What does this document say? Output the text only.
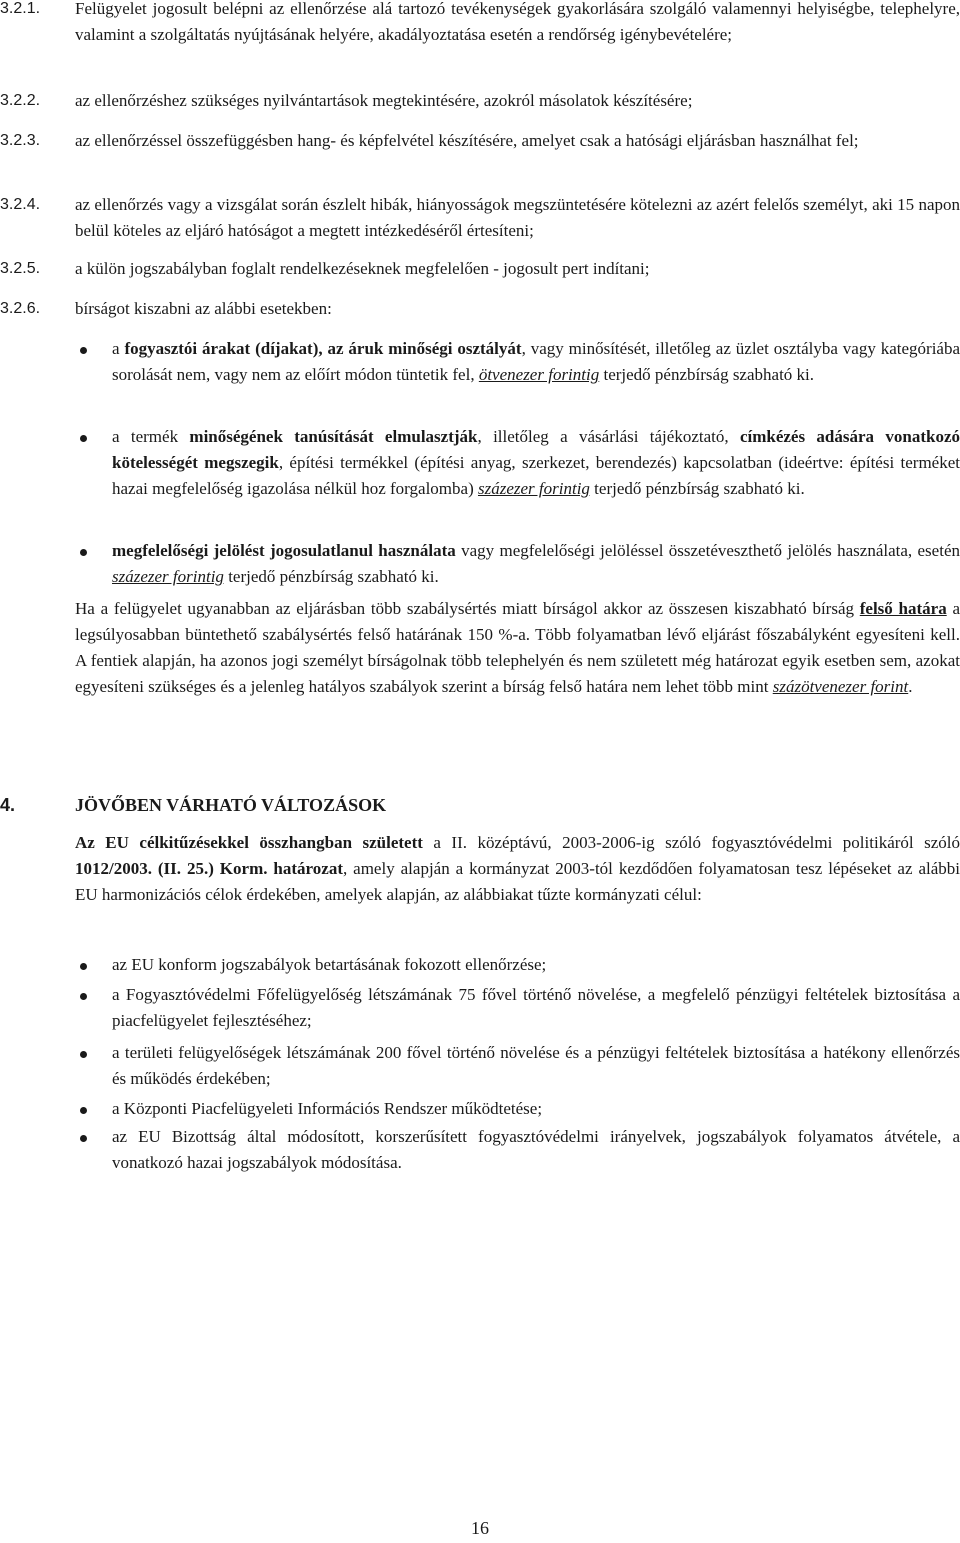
3.2.1.	Felügyelet jogosult belépni az ellenőrzése alá tartozó tevékenységek gyakorlására szolgáló valamennyi helyiségbe, telephelyre, valamint a szolgáltatás nyújtásának helyére, akadályoztatása esetén a rendőrség igénybevételére;
3.2.2.	az ellenőrzéshez szükséges nyilvántartások megtekintésére, azokról másolatok készítésére;
3.2.3.	az ellenőrzéssel összefüggésben hang- és képfelvétel készítésére, amelyet csak a hatósági eljárásban használhat fel;
3.2.4.	az ellenőrzés vagy a vizsgálat során észlelt hibák, hiányosságok megszüntetésére kötelezni az azért felelős személyt, aki 15 napon belül köteles az eljáró hatóságot a megtett intézkedéséről értesíteni;
3.2.5.	a külön jogszabályban foglalt rendelkezéseknek megfelelően - jogosult pert indítani;
3.2.6.	bírságot kiszabni az alábbi esetekben:
a fogyasztói árakat (díjakat), az áruk minőségi osztályát, vagy minősítését, illetőleg az üzlet osztályba vagy kategóriába sorolását nem, vagy nem az előírt módon tüntetik fel, ötvenezer forintig terjedő pénzbírság szabható ki.
a termék minőségének tanúsítását elmulasztják, illetőleg a vásárlási tájékoztató, címkézés adására vonatkozó kötelességét megszegik, építési termékkel (építési anyag, szerkezet, berendezés) kapcsolatban (ideértve: építési terméket hazai megfelelőség igazolása nélkül hoz forgalomba) százezer forintig terjedő pénzbírság szabható ki.
megfelelőségi jelölést jogosulatlanul használata vagy megfelelőségi jelöléssel összetéveszthető jelölés használata, esetén százezer forintig terjedő pénzbírság szabható ki.
Ha a felügyelet ugyanabban az eljárásban több szabálysértés miatt bírságol akkor az összesen kiszabható bírság felső határa a legsúlyosabban büntethető szabálysértés felső határának 150 %-a. Több folyamatban lévő eljárást főszabályként egyesíteni kell. A fentiek alapján, ha azonos jogi személyt bírságolnak több telephelyén és nem született még határozat egyik esetben sem, azokat egyesíteni szükséges és a jelenleg hatályos szabályok szerint a bírság felső határa nem lehet több mint százötvenezer forint.
4.	JÖVŐBEN VÁRHATÓ VÁLTOZÁSOK
Az EU célkitűzésekkel összhangban született a II. középtávú, 2003-2006-ig szóló fogyasztóvédelmi politikáról szóló 1012/2003. (II. 25.) Korm. határozat, amely alapján a kormányzat 2003-tól kezdődően folyamatosan tesz lépéseket az alábbi EU harmonizációs célok érdekében, amelyek alapján, az alábbiakat tűzte kormányzati célul:
az EU konform jogszabályok betartásának fokozott ellenőrzése;
a Fogyasztóvédelmi Főfelügyelőség létszámának 75 fővel történő növelése, a megfelelő pénzügyi feltételek biztosítása a piacfelügyelet fejlesztéséhez;
a területi felügyelőségek létszámának 200 fővel történő növelése és a pénzügyi feltételek biztosítása a hatékony ellenőrzés és működés érdekében;
a Központi Piacfelügyeleti Információs Rendszer működtetése;
az EU Bizottság által módosított, korszerűsített fogyasztóvédelmi irányelvek, jogszabályok folyamatos átvétele, a vonatkozó hazai jogszabályok módosítása.
16
